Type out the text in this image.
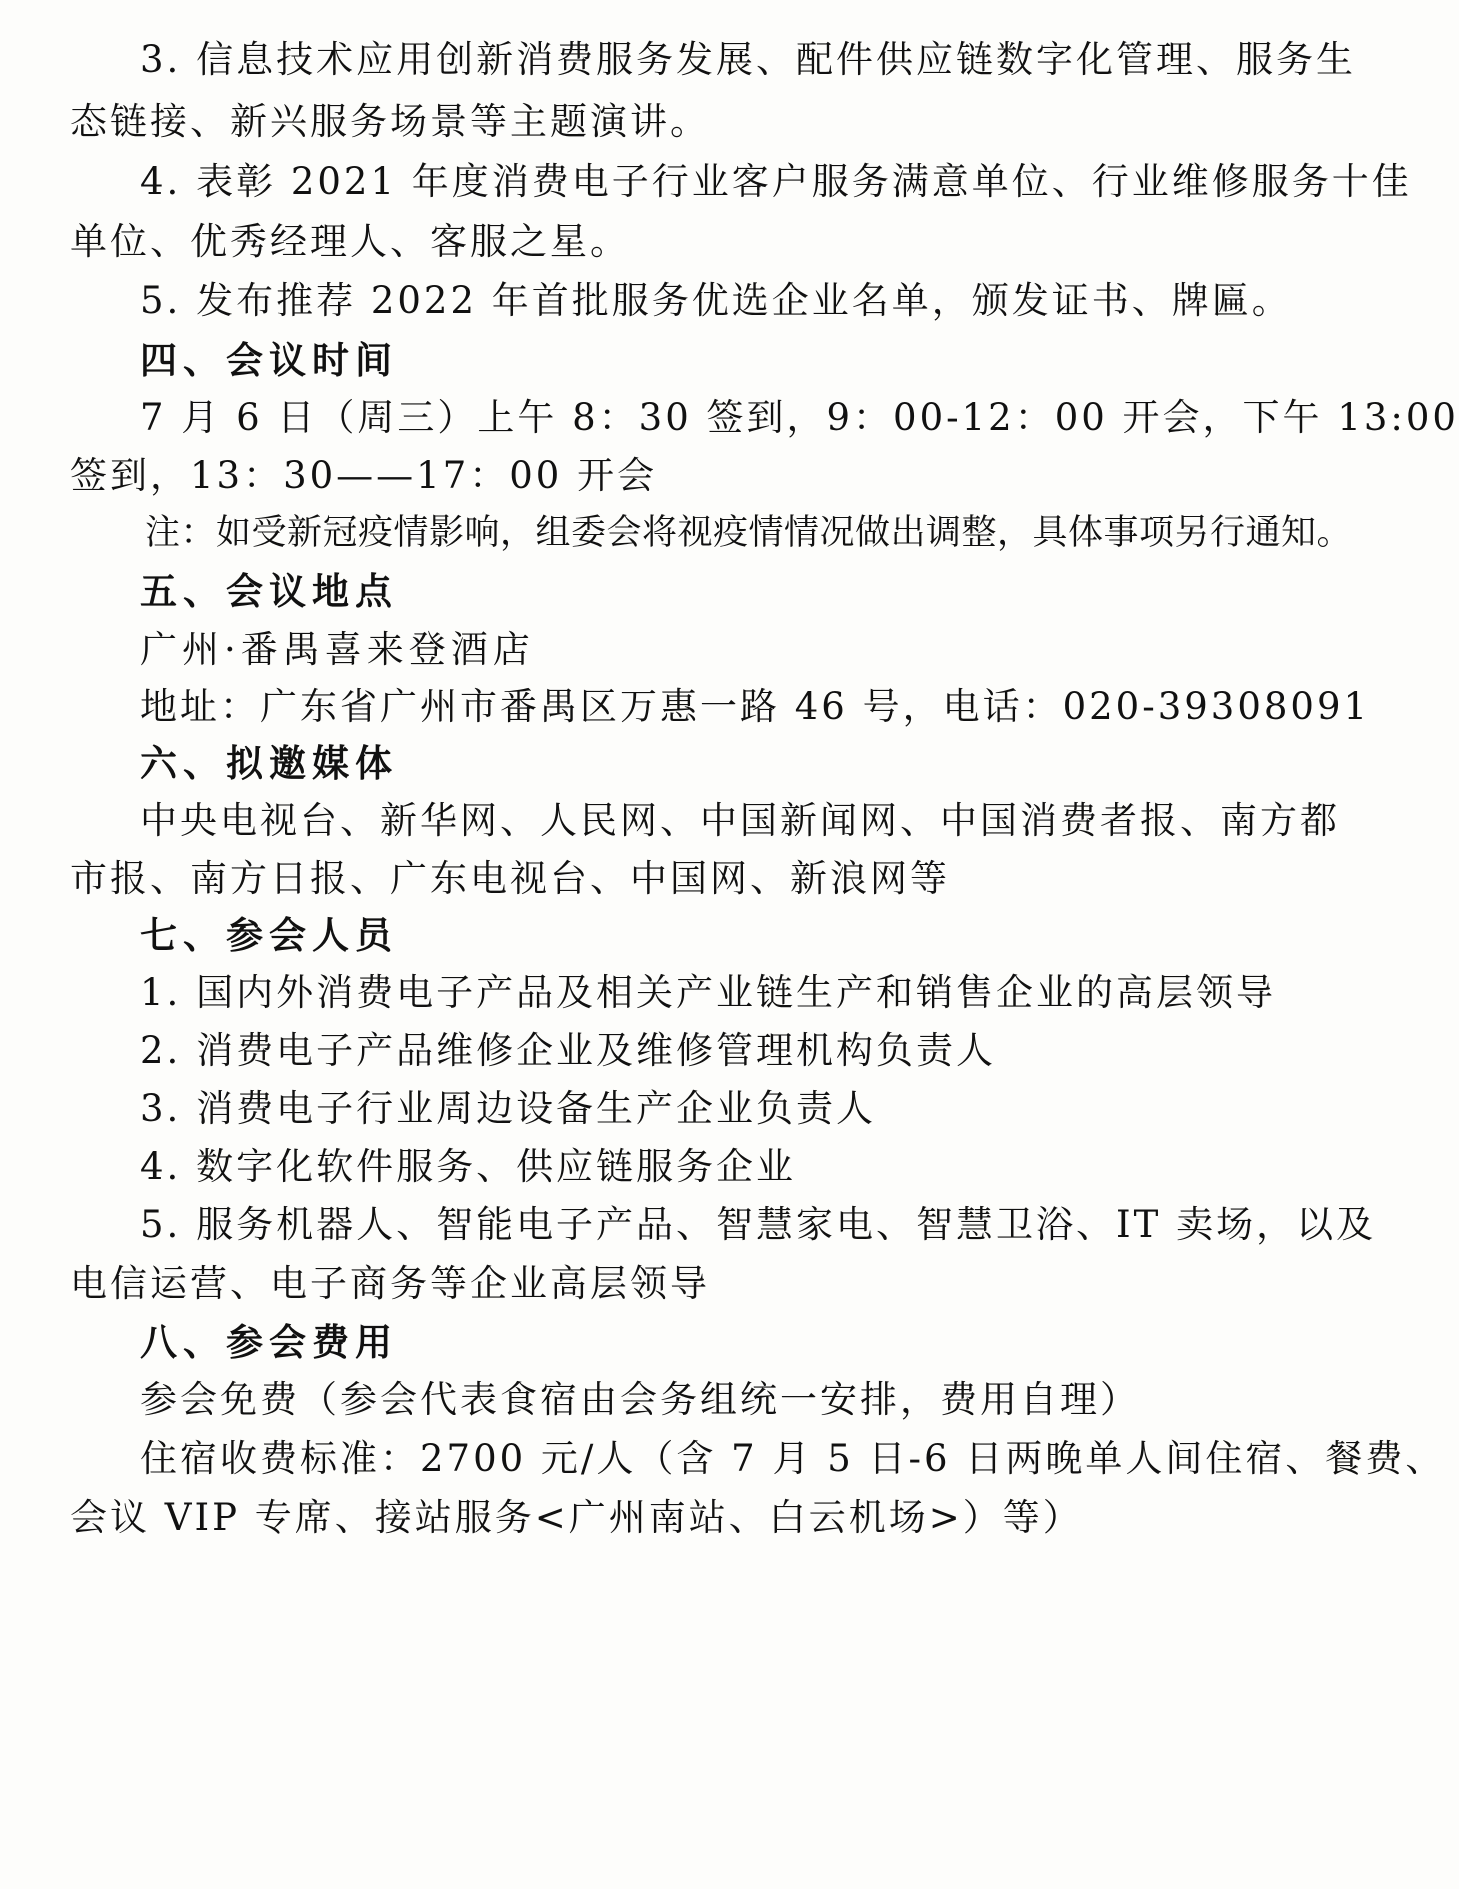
3. 信息技术应用创新消费服务发展、配件供应链数字化管理、服务生
态链接、新兴服务场景等主题演讲。
4. 表彰 2021 年度消费电子行业客户服务满意单位、行业维修服务十佳
单位、优秀经理人、客服之星。
5. 发布推荐 2022 年首批服务优选企业名单，颁发证书、牌匾。
四、会议时间
7 月 6 日（周三）上午 8：30 签到，9：00-12：00 开会，下午 13:00
签到，13：30——17：00 开会
注：如受新冠疫情影响，组委会将视疫情情况做出调整，具体事项另行通知。
五、会议地点
广州·番禺喜来登酒店
地址：广东省广州市番禺区万惠一路 46 号，电话：020-39308091
六、拟邀媒体
中央电视台、新华网、人民网、中国新闻网、中国消费者报、南方都
市报、南方日报、广东电视台、中国网、新浪网等
七、参会人员
1. 国内外消费电子产品及相关产业链生产和销售企业的高层领导
2. 消费电子产品维修企业及维修管理机构负责人
3. 消费电子行业周边设备生产企业负责人
4. 数字化软件服务、供应链服务企业
5. 服务机器人、智能电子产品、智慧家电、智慧卫浴、IT 卖场，以及
电信运营、电子商务等企业高层领导
八、参会费用
参会免费（参会代表食宿由会务组统一安排，费用自理）
住宿收费标准：2700 元/人（含 7 月 5 日-6 日两晚单人间住宿、餐费、
会议 VIP 专席、接站服务<广州南站、白云机场>）等）
